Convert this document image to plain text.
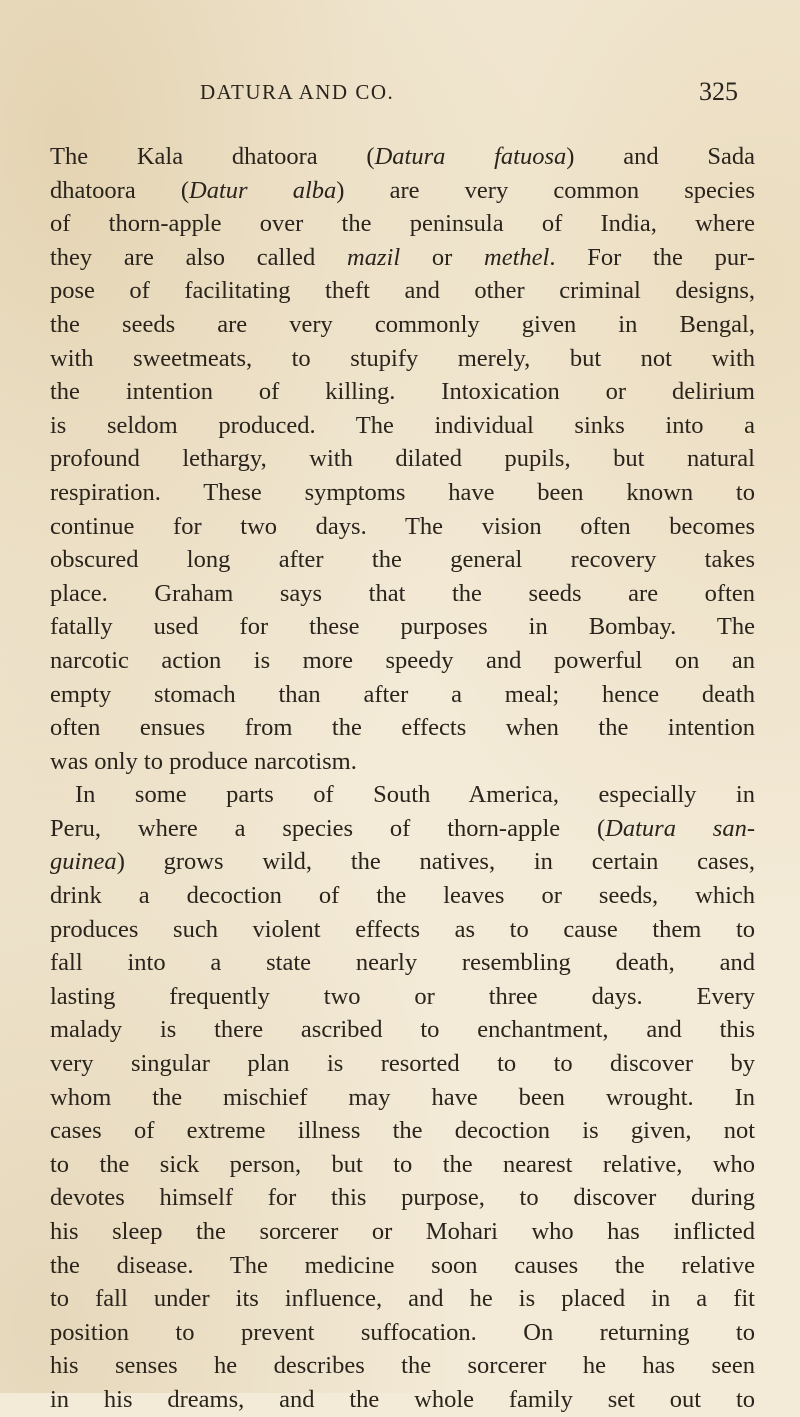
DATURA AND CO.	325
The Kala dhatoora (Datura fatuosa) and Sada
dhatoora (Datur alba) are very common species
of thorn-apple over the peninsula of India, where
they are also called mazil or methel. For the pur-
pose of facilitating theft and other criminal designs,
the seeds are very commonly given in Bengal,
with sweetmeats, to stupify merely, but not with
the intention of killing. Intoxication or delirium
is seldom produced. The individual sinks into a
profound lethargy, with dilated pupils, but natural
respiration. These symptoms have been known to
continue for two days. The vision often becomes
obscured long after the general recovery takes
place. Graham says that the seeds are often
fatally used for these purposes in Bombay. The
narcotic action is more speedy and powerful on an
empty stomach than after a meal; hence death
often ensues from the effects when the intention
was only to produce narcotism.
In some parts of South America, especially in
Peru, where a species of thorn-apple (Datura san-
guinea) grows wild, the natives, in certain cases,
drink a decoction of the leaves or seeds, which
produces such violent effects as to cause them to
fall into a state nearly resembling death, and
lasting frequently two or three days. Every
malady is there ascribed to enchantment, and this
very singular plan is resorted to to discover by
whom the mischief may have been wrought. In
cases of extreme illness the decoction is given, not
to the sick person, but to the nearest relative, who
devotes himself for this purpose, to discover during
his sleep the sorcerer or Mohari who has inflicted
the disease. The medicine soon causes the relative
to fall under its influence, and he is placed in a fit
position to prevent suffocation. On returning to
his senses he describes the sorcerer he has seen
in his dreams, and the whole family set out to
